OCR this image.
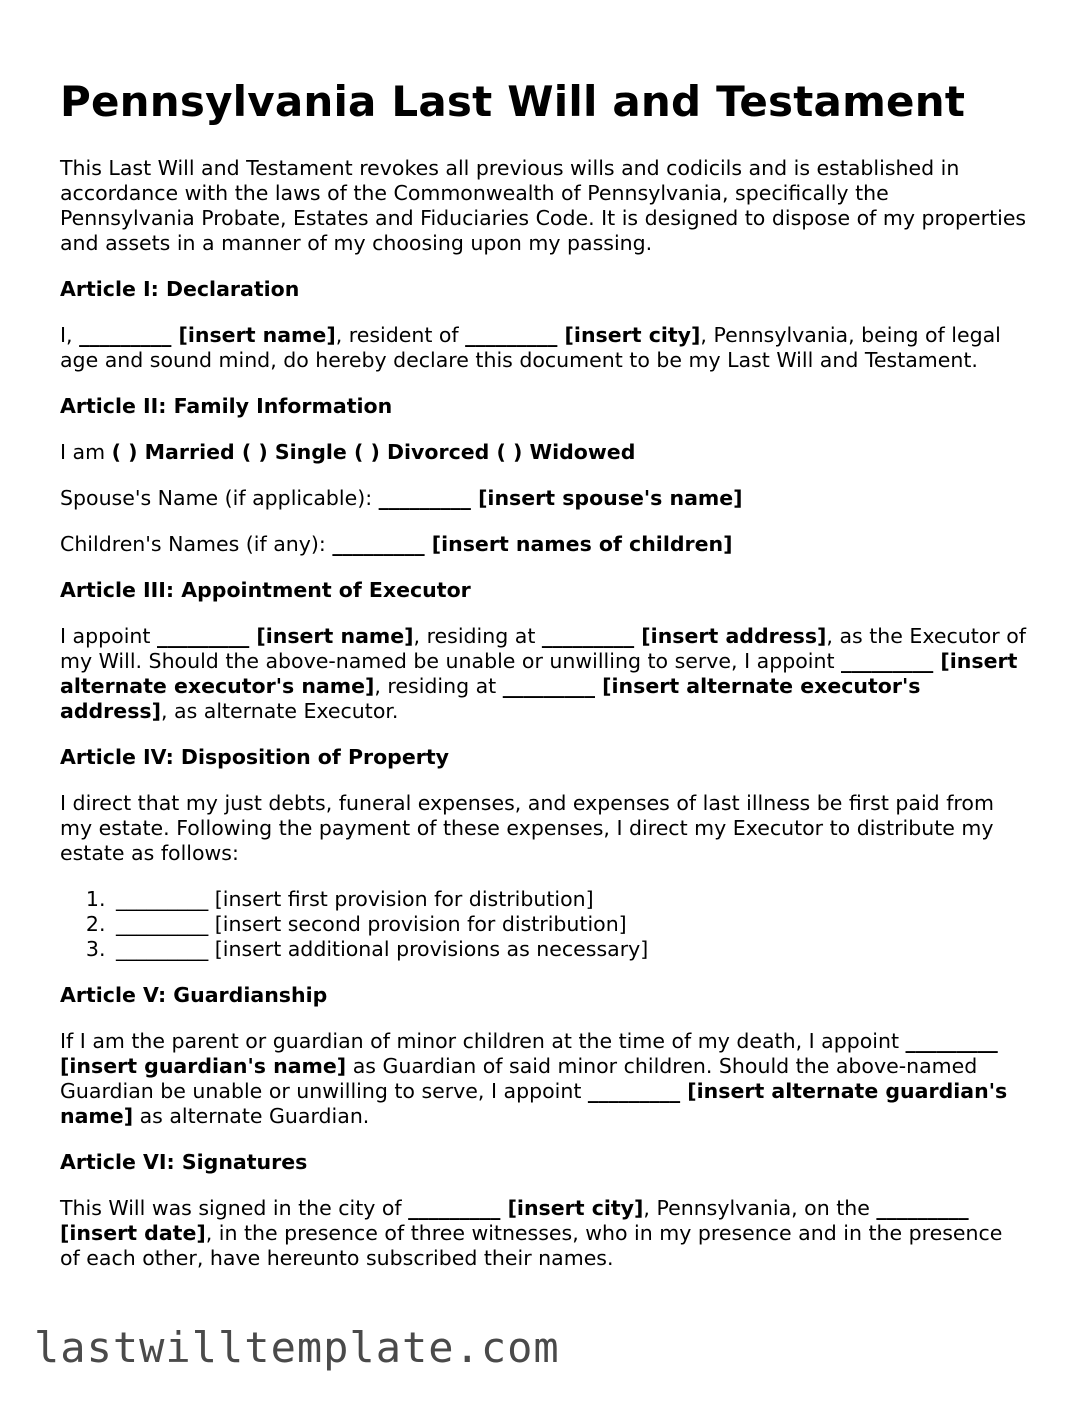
Pennsylvania Last Will and Testament

This Last Will and Testament revokes all previous wills and codicils and is established in accordance with the laws of the Commonwealth of Pennsylvania, specifically the Pennsylvania Probate, Estates and Fiduciaries Code. It is designed to dispose of my properties and assets in a manner of my choosing upon my passing.

Article I: Declaration

I, _________ [insert name], resident of _________ [insert city], Pennsylvania, being of legal age and sound mind, do hereby declare this document to be my Last Will and Testament.

Article II: Family Information

I am ( ) Married ( ) Single ( ) Divorced ( ) Widowed

Spouse's Name (if applicable): _________ [insert spouse's name]

Children's Names (if any): _________ [insert names of children]

Article III: Appointment of Executor

I appoint _________ [insert name], residing at _________ [insert address], as the Executor of my Will. Should the above-named be unable or unwilling to serve, I appoint _________ [insert alternate executor's name], residing at _________ [insert alternate executor's address], as alternate Executor.

Article IV: Disposition of Property

I direct that my just debts, funeral expenses, and expenses of last illness be first paid from my estate. Following the payment of these expenses, I direct my Executor to distribute my estate as follows:

1. _________ [insert first provision for distribution]
2. _________ [insert second provision for distribution]
3. _________ [insert additional provisions as necessary]
Article V: Guardianship

If I am the parent or guardian of minor children at the time of my death, I appoint _________ [insert guardian's name] as Guardian of said minor children. Should the above-named Guardian be unable or unwilling to serve, I appoint _________ [insert alternate guardian's name] as alternate Guardian.

Article VI: Signatures

This Will was signed in the city of _________ [insert city], Pennsylvania, on the _________ [insert date], in the presence of three witnesses, who in my presence and in the presence of each other, have hereunto subscribed their names.

lastwilltemplate.com
